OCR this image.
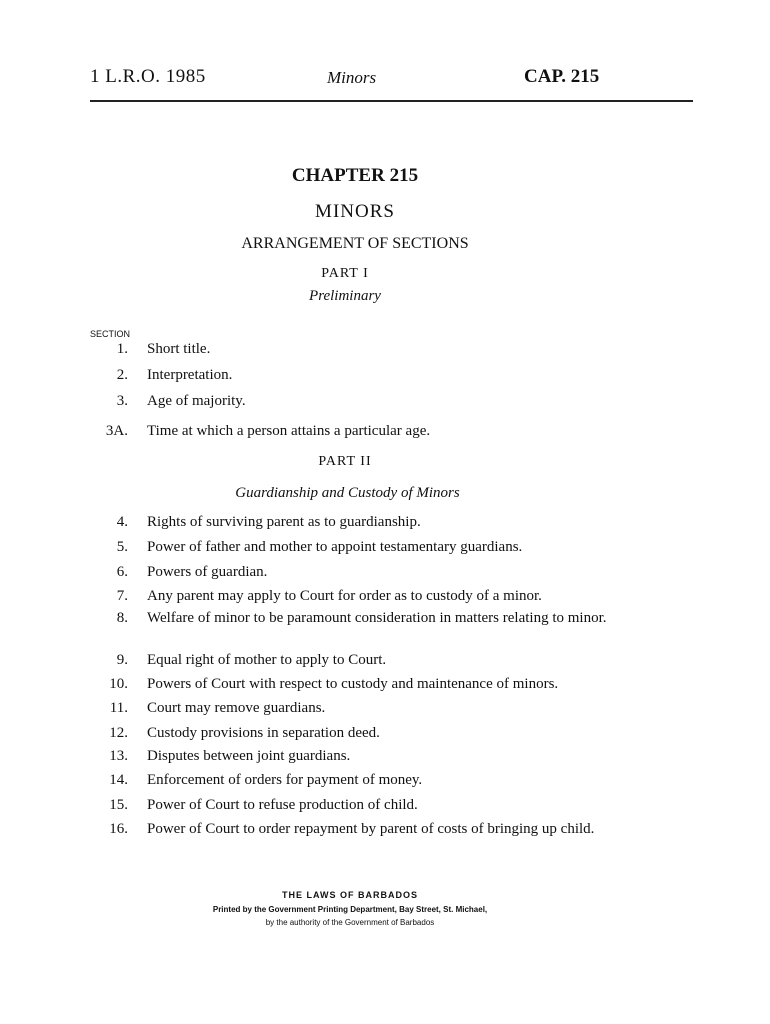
1 L.R.O. 1985	Minors	CAP. 215
CHAPTER 215
MINORS
ARRANGEMENT OF SECTIONS
PART I
Preliminary
SECTION
1. Short title.
2. Interpretation.
3. Age of majority.
3A. Time at which a person attains a particular age.
PART II
Guardianship and Custody of Minors
4. Rights of surviving parent as to guardianship.
5. Power of father and mother to appoint testamentary guardians.
6. Powers of guardian.
7. Any parent may apply to Court for order as to custody of a minor.
8. Welfare of minor to be paramount consideration in matters relating to minor.
9. Equal right of mother to apply to Court.
10. Powers of Court with respect to custody and maintenance of minors.
11. Court may remove guardians.
12. Custody provisions in separation deed.
13. Disputes between joint guardians.
14. Enforcement of orders for payment of money.
15. Power of Court to refuse production of child.
16. Power of Court to order repayment by parent of costs of bringing up child.
THE LAWS OF BARBADOS
Printed by the Government Printing Department, Bay Street, St. Michael,
by the authority of the Government of Barbados
